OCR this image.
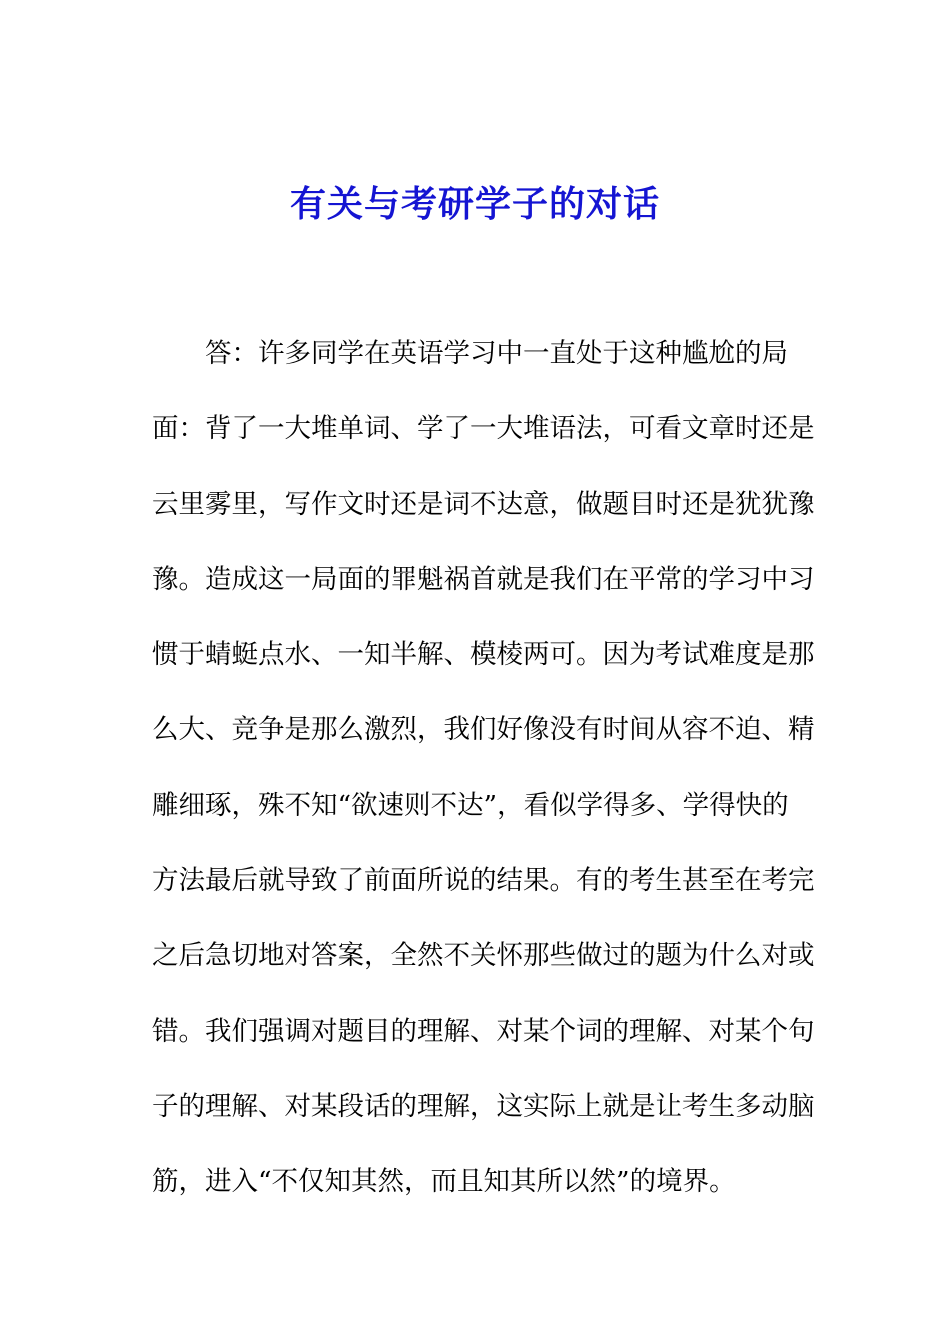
有关与考研学子的对话
答：许多同学在英语学习中一直处于这种尴尬的局
面：背了一大堆单词、学了一大堆语法，可看文章时还是
云里雾里，写作文时还是词不达意，做题目时还是犹犹豫
豫。造成这一局面的罪魁祸首就是我们在平常的学习中习
惯于蜻蜓点水、一知半解、模棱两可。因为考试难度是那
么大、竞争是那么激烈，我们好像没有时间从容不迫、精
雕细琢，殊不知“欲速则不达”，看似学得多、学得快的
方法最后就导致了前面所说的结果。有的考生甚至在考完
之后急切地对答案，全然不关怀那些做过的题为什么对或
错。我们强调对题目的理解、对某个词的理解、对某个句
子的理解、对某段话的理解，这实际上就是让考生多动脑
筋，进入“不仅知其然，而且知其所以然”的境界。
